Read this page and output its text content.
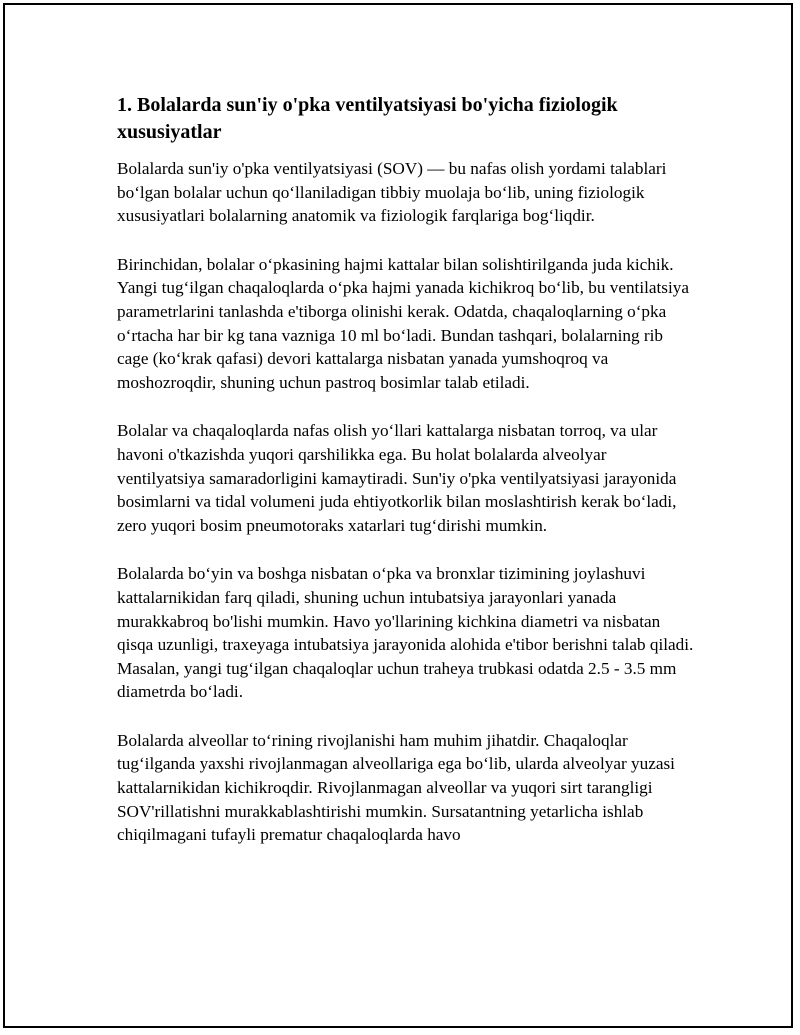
1. Bolalarda sun'iy o'pka ventilyatsiyasi bo'yicha fiziologik xususiyatlar

Bolalarda sun'iy o'pka ventilyatsiyasi (SOV) — bu nafas olish yordami talablari bo‘lgan bolalar uchun qo‘llaniladigan tibbiy muolaja bo‘lib, uning fiziologik xususiyatlari bolalarning anatomik va fiziologik farqlariga bog‘liqdir.

Birinchidan, bolalar o‘pkasining hajmi kattalar bilan solishtirilganda juda kichik. Yangi tug‘ilgan chaqaloqlarda o‘pka hajmi yanada kichikroq bo‘lib, bu ventilatsiya parametrlarini tanlashda e'tiborga olinishi kerak. Odatda, chaqaloqlarning o‘pka o‘rtacha har bir kg tana vazniga 10 ml bo‘ladi. Bundan tashqari, bolalarning rib cage (ko‘krak qafasi) devori kattalarga nisbatan yanada yumshoqroq va moshozroqdir, shuning uchun pastroq bosimlar talab etiladi.

Bolalar va chaqaloqlarda nafas olish yo‘llari kattalarga nisbatan torroq, va ular havoni o'tkazishda yuqori qarshilikka ega. Bu holat bolalarda alveolyar ventilyatsiya samaradorligini kamaytiradi. Sun'iy o'pka ventilyatsiyasi jarayonida bosimlarni va tidal volumeni juda ehtiyotkorlik bilan moslashtirish kerak bo‘ladi, zero yuqori bosim pneumotoraks xatarlari tug‘dirishi mumkin.

Bolalarda bo‘yin va boshga nisbatan o‘pka va bronxlar tizimining joylashuvi kattalarnikidan farq qiladi, shuning uchun intubatsiya jarayonlari yanada murakkabroq bo'lishi mumkin. Havo yo'llarining kichkina diametri va nisbatan qisqa uzunligi, traxeyaga intubatsiya jarayonida alohida e'tibor berishni talab qiladi. Masalan, yangi tug‘ilgan chaqaloqlar uchun traheya trubkasi odatda 2.5 - 3.5 mm diametrda bo‘ladi.

Bolalarda alveollar to‘rining rivojlanishi ham muhim jihatdir. Chaqaloqlar tug‘ilganda yaxshi rivojlanmagan alveollariga ega bo‘lib, ularda alveolyar yuzasi kattalarnikidan kichikroqdir. Rivojlanmagan alveollar va yuqori sirt tarangligi SOV'rillatishni murakkablashtirishi mumkin. Sursatantning yetarlicha ishlab chiqilmagani tufayli prematur chaqaloqlarda havo
